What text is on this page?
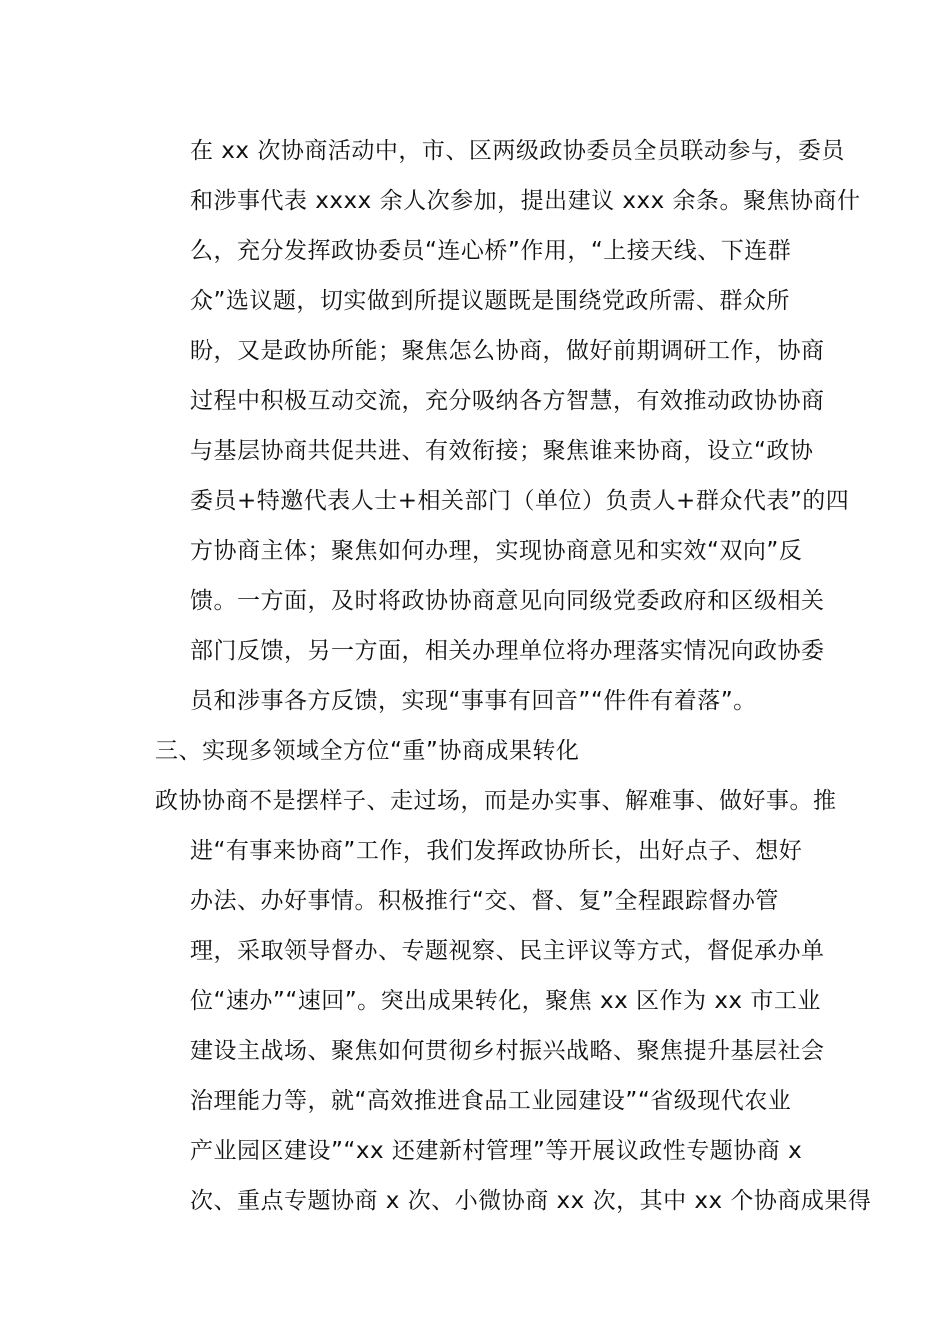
在 xx 次协商活动中，市、区两级政协委员全员联动参与，委员
和涉事代表 xxxx 余人次参加，提出建议 xxx 余条。聚焦协商什
么，充分发挥政协委员“连心桥”作用，“上接天线、下连群
众”选议题，切实做到所提议题既是围绕党政所需、群众所
盼，又是政协所能；聚焦怎么协商，做好前期调研工作，协商
过程中积极互动交流，充分吸纳各方智慧，有效推动政协协商
与基层协商共促共进、有效衔接；聚焦谁来协商，设立“政协
委员+特邀代表人士+相关部门（单位）负责人+群众代表”的四
方协商主体；聚焦如何办理，实现协商意见和实效“双向”反
馈。一方面，及时将政协协商意见向同级党委政府和区级相关
部门反馈，另一方面，相关办理单位将办理落实情况向政协委
员和涉事各方反馈，实现“事事有回音”“件件有着落”。
三、实现多领域全方位“重”协商成果转化
政协协商不是摆样子、走过场，而是办实事、解难事、做好事。推
进“有事来协商”工作，我们发挥政协所长，出好点子、想好
办法、办好事情。积极推行“交、督、复”全程跟踪督办管
理，采取领导督办、专题视察、民主评议等方式，督促承办单
位“速办”“速回”。突出成果转化，聚焦 xx 区作为 xx 市工业
建设主战场、聚焦如何贯彻乡村振兴战略、聚焦提升基层社会
治理能力等，就“高效推进食品工业园建设”“省级现代农业
产业园区建设”“xx 还建新村管理”等开展议政性专题协商 x
次、重点专题协商 x 次、小微协商 xx 次，其中 xx 个协商成果得
